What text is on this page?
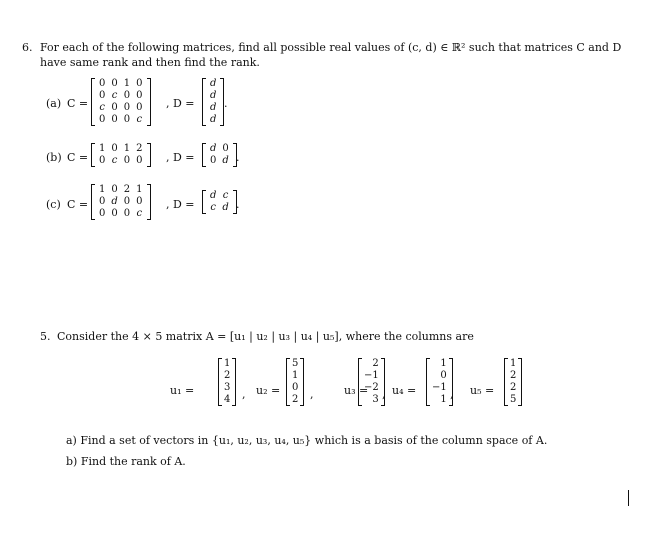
6. For each of the following matrices, find all possible real values of (c, d) ∈ ℝ² such that matrices C and D
have same rank and then find the rank.
(a) C =
0	0	1	0
0	c	0	0
c	0	0	0
0	0	0	c
, D =
d
d
d
d
.
(b) C =
1	0	1	2
0	c	0	0 , D =
d	0
0	d .
(c) C =
1	0	2	1
0	d	0	0
0	0	0	c
, D =
d	c
c	d .
5. Consider the 4 × 5 matrix A = [u₁ | u₂ | u₃ | u₄ | u₅], where the columns are
u₁ =
1
2
3
4 , u₂ =
5
1
0
2 ,	u₃ =
2
−1
−2
3 , u₄ =
1
0
−1
1 , u₅ =
1
2
2
5
a) Find a set of vectors in {u₁, u₂, u₃, u₄, u₅} which is a basis of the column space of A.
b) Find the rank of A.
